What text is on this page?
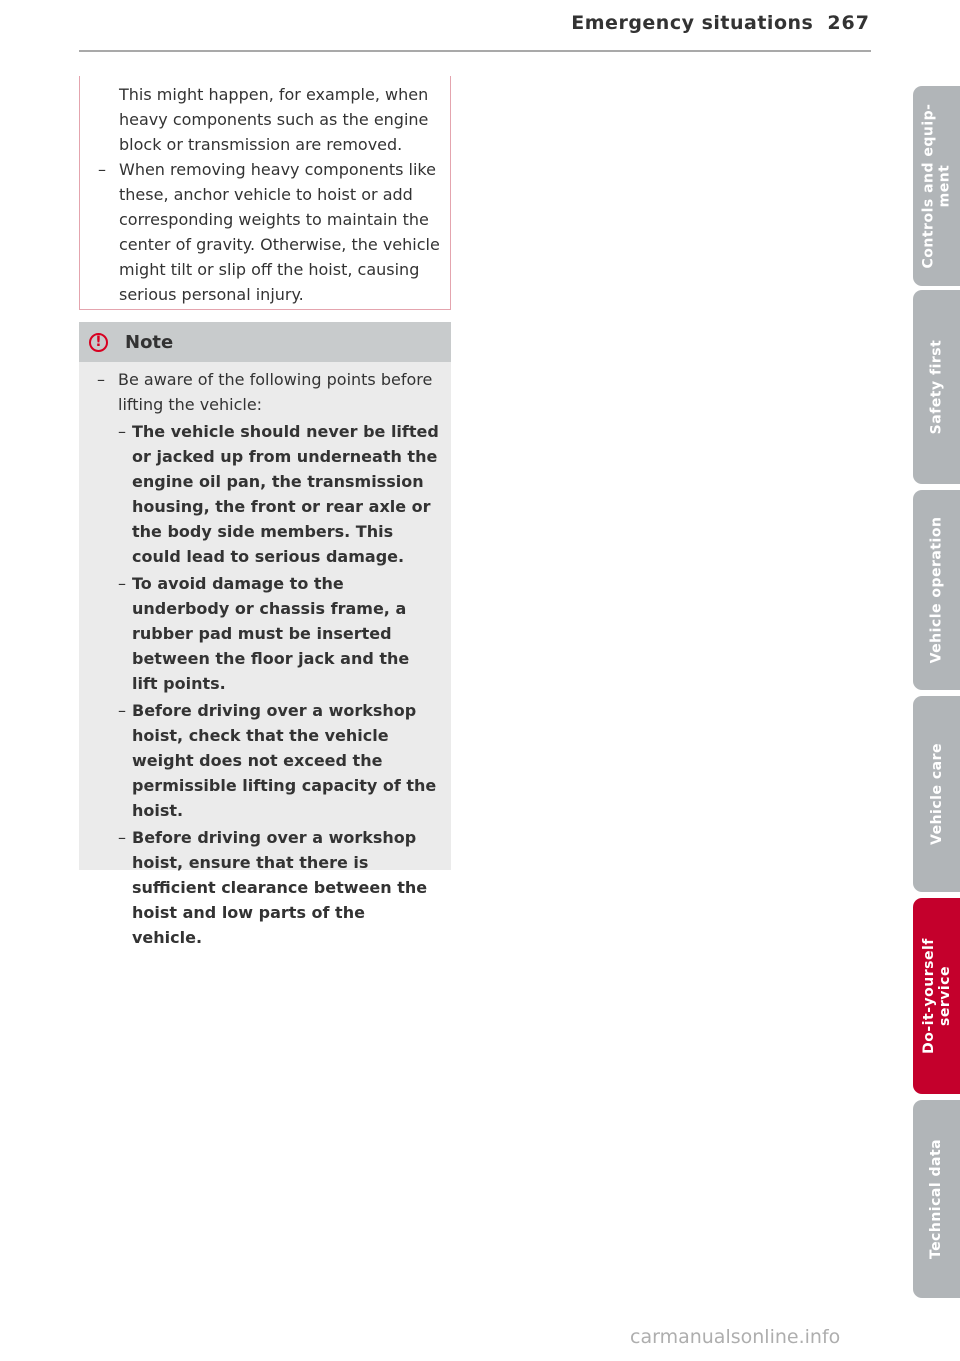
Emergency situations 267

This might happen, for example, when heavy components such as the engine block or transmission are removed.

– When removing heavy components like these, anchor vehicle to hoist or add corresponding weights to maintain the center of gravity. Otherwise, the vehicle might tilt or slip off the hoist, causing serious personal injury.

!	Note

– Be aware of the following points before lifting the vehicle:

– The vehicle should never be lifted or jacked up from underneath the engine oil pan, the transmission housing, the front or rear axle or the body side members. This could lead to serious damage.

– To avoid damage to the underbody or chassis frame, a rubber pad must be inserted between the floor jack and the lift points.

– Before driving over a workshop hoist, check that the vehicle weight does not exceed the permissible lifting capacity of the hoist.

– Before driving over a workshop hoist, ensure that there is sufficient clearance between the hoist and low parts of the vehicle.

Controls and equip-
ment
Safety first
Vehicle operation
Vehicle care
Do-it-yourself
service
Technical data
carmanualsonline.info
